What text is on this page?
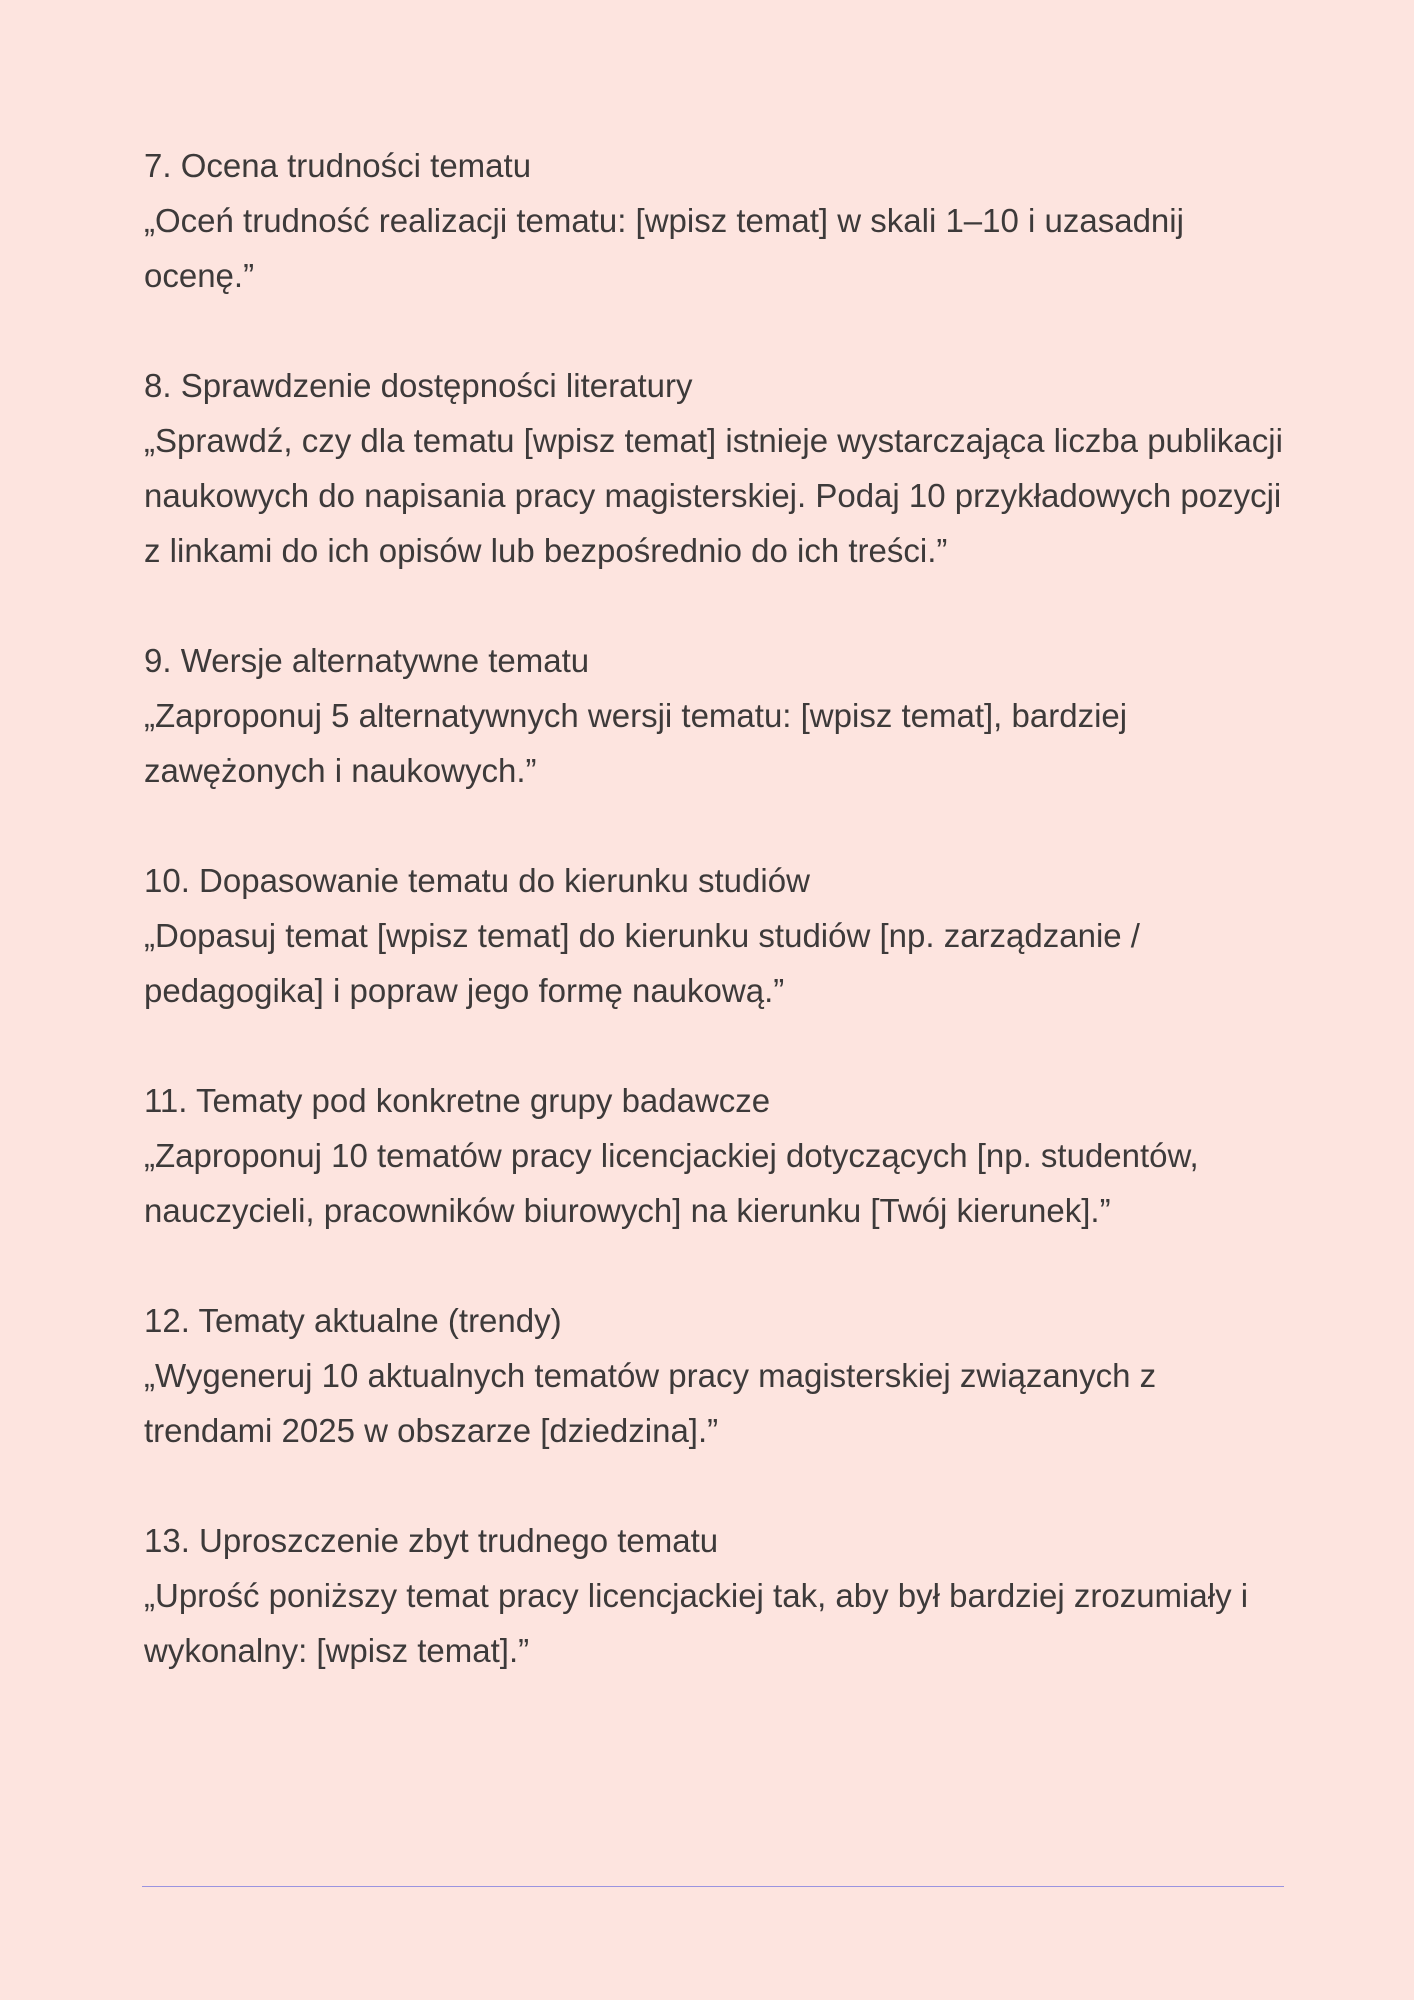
7. Ocena trudności tematu

„Oceń trudność realizacji tematu: [wpisz temat] w skali 1–10 i uzasadnij ocenę.”

8. Sprawdzenie dostępności literatury

„Sprawdź, czy dla tematu [wpisz temat] istnieje wystarczająca liczba publikacji naukowych do napisania pracy magisterskiej. Podaj 10 przykładowych pozycji z linkami do ich opisów lub bezpośrednio do ich treści.”

9. Wersje alternatywne tematu

„Zaproponuj 5 alternatywnych wersji tematu: [wpisz temat], bardziej zawężonych i naukowych.”

10. Dopasowanie tematu do kierunku studiów

„Dopasuj temat [wpisz temat] do kierunku studiów [np. zarządzanie / pedagogika] i popraw jego formę naukową.”

11. Tematy pod konkretne grupy badawcze

„Zaproponuj 10 tematów pracy licencjackiej dotyczących [np. studentów, nauczycieli, pracowników biurowych] na kierunku [Twój kierunek].”

12. Tematy aktualne (trendy)

„Wygeneruj 10 aktualnych tematów pracy magisterskiej związanych z trendami 2025 w obszarze [dziedzina].”

13. Uproszczenie zbyt trudnego tematu

„Uprość poniższy temat pracy licencjackiej tak, aby był bardziej zrozumiały i wykonalny: [wpisz temat].”
